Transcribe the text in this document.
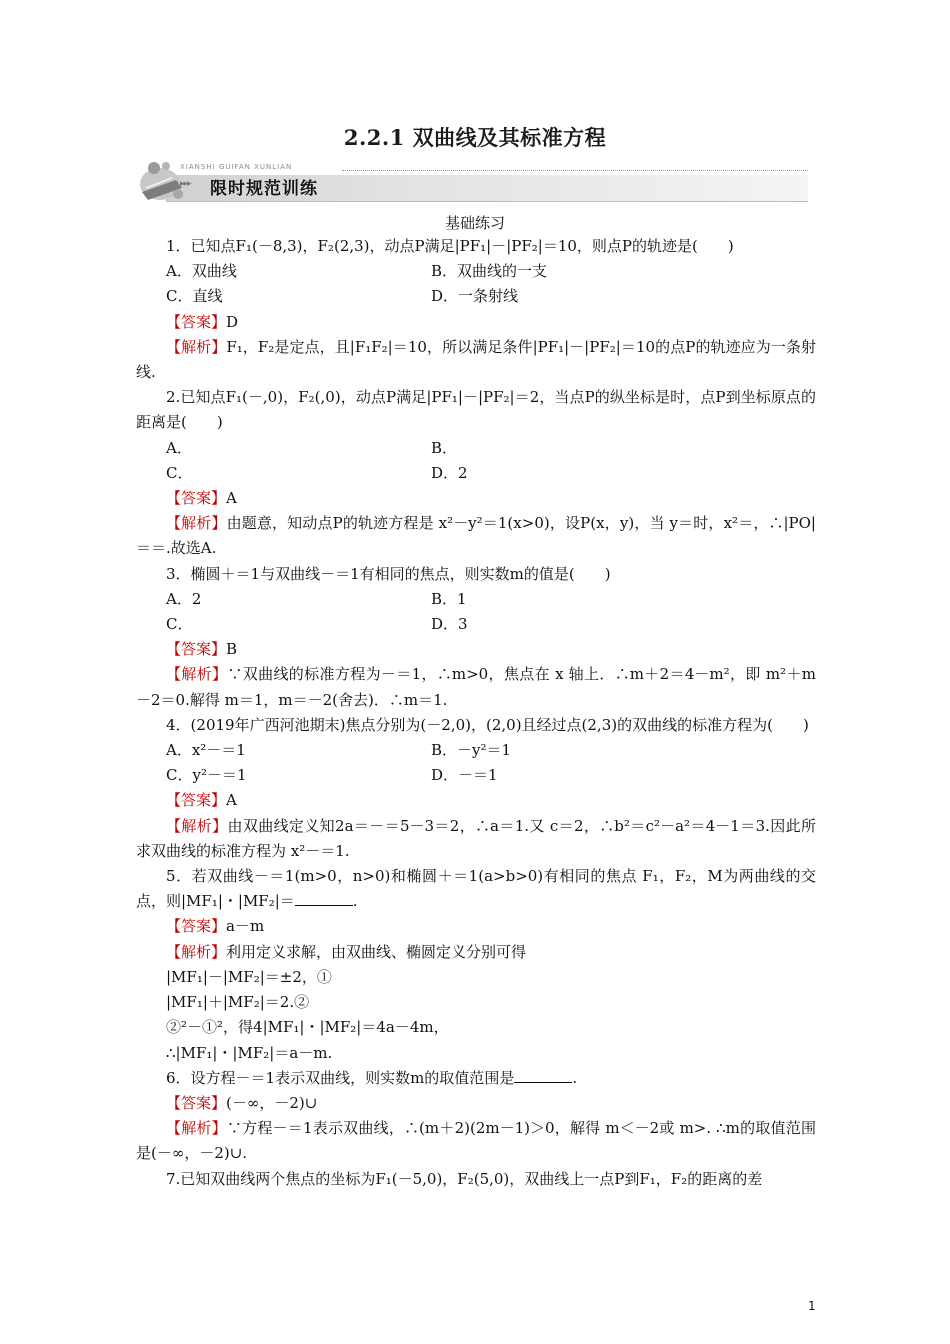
2.2.1 双曲线及其标准方程
XIANSHI GUIFAN XUNLIAN
▸▸▸ 限时规范训练
基础练习

1．已知点F₁(－8,3)，F₂(2,3)，动点P满足|PF₁|－|PF₂|＝10，则点P的轨迹是(　　)

A．双曲线	B．双曲线的一支
C．直线	D．一条射线

【答案】D

【解析】F₁，F₂是定点，且|F₁F₂|＝10，所以满足条件|PF₁|－|PF₂|＝10的点P的轨迹应为一条射线.

2.已知点F₁(－,0)，F₂(,0)，动点P满足|PF₁|－|PF₂|＝2，当点P的纵坐标是时，点P到坐标原点的距离是(　　)

A．	B．
C．	D．2

【答案】A

【解析】由题意，知动点P的轨迹方程是 x²－y²＝1(x>0)，设P(x，y)，当 y＝时，x²＝，∴|PO|＝＝.故选A.

3．椭圆＋＝1与双曲线－＝1有相同的焦点，则实数m的值是(　　)

A．2	B．1
C．	D．3

【答案】B

【解析】∵双曲线的标准方程为－＝1，∴m>0，焦点在 x 轴上．∴m＋2＝4－m²，即 m²＋m－2＝0.解得 m＝1，m＝－2(舍去)．∴m＝1.

4．(2019年广西河池期末)焦点分别为(－2,0)，(2,0)且经过点(2,3)的双曲线的标准方程为(　　)

A．x²－＝1	B．－y²＝1
C．y²－＝1	D．－＝1

【答案】A

【解析】由双曲线定义知2a＝－＝5－3＝2，∴a＝1.又 c＝2，∴b²＝c²－a²＝4－1＝3.因此所求双曲线的标准方程为 x²－＝1.

5．若双曲线－＝1(m>0，n>0)和椭圆＋＝1(a>b>0)有相同的焦点 F₁，F₂，M为两曲线的交点，则|MF₁|・|MF₂|＝	.

【答案】a－m

【解析】利用定义求解，由双曲线、椭圆定义分别可得

|MF₁|－|MF₂|＝±2，①

|MF₁|＋|MF₂|＝2.②

②²－①²，得4|MF₁|・|MF₂|＝4a－4m，

∴|MF₁|・|MF₂|＝a－m.

6．设方程－＝1表示双曲线，则实数m的取值范围是	.

【答案】(－∞，－2)∪

【解析】∵方程－＝1表示双曲线，∴(m＋2)(2m－1)＞0，解得 m＜－2或 m>. ∴m的取值范围是(－∞，－2)∪.

7.已知双曲线两个焦点的坐标为F₁(－5,0)，F₂(5,0)，双曲线上一点P到F₁，F₂的距离的差

1
